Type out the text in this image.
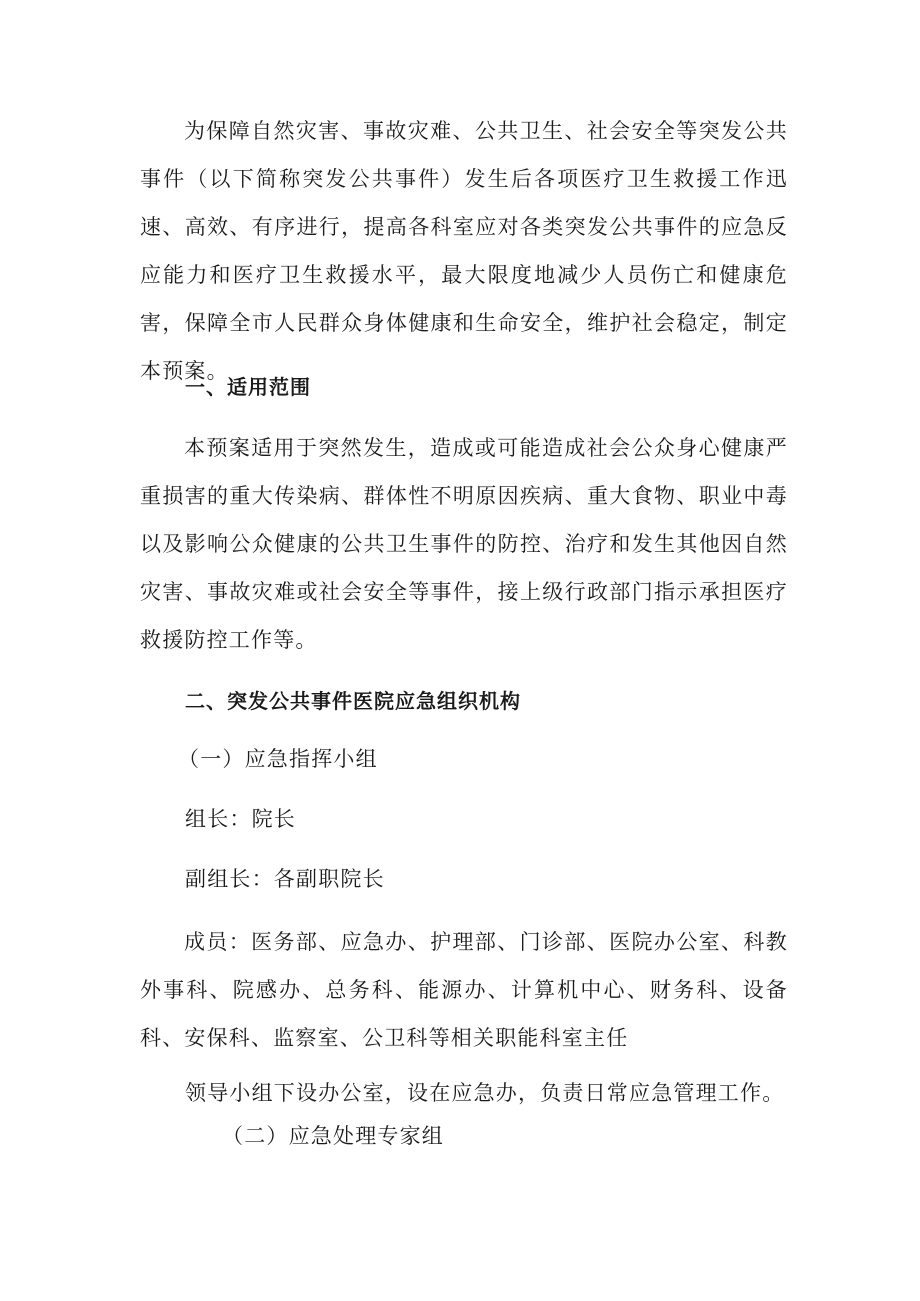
为保障自然灾害、事故灾难、公共卫生、社会安全等突发公共事件（以下简称突发公共事件）发生后各项医疗卫生救援工作迅速、高效、有序进行，提高各科室应对各类突发公共事件的应急反应能力和医疗卫生救援水平，最大限度地减少人员伤亡和健康危害，保障全市人民群众身体健康和生命安全，维护社会稳定，制定本预案。

一、适用范围

本预案适用于突然发生，造成或可能造成社会公众身心健康严重损害的重大传染病、群体性不明原因疾病、重大食物、职业中毒以及影响公众健康的公共卫生事件的防控、治疗和发生其他因自然灾害、事故灾难或社会安全等事件，接上级行政部门指示承担医疗救援防控工作等。

二、突发公共事件医院应急组织机构

（一）应急指挥小组

组长：院长

副组长：各副职院长

成员：医务部、应急办、护理部、门诊部、医院办公室、科教外事科、院感办、总务科、能源办、计算机中心、财务科、设备科、安保科、监察室、公卫科等相关职能科室主任

领导小组下设办公室，设在应急办，负责日常应急管理工作。

（二）应急处理专家组
